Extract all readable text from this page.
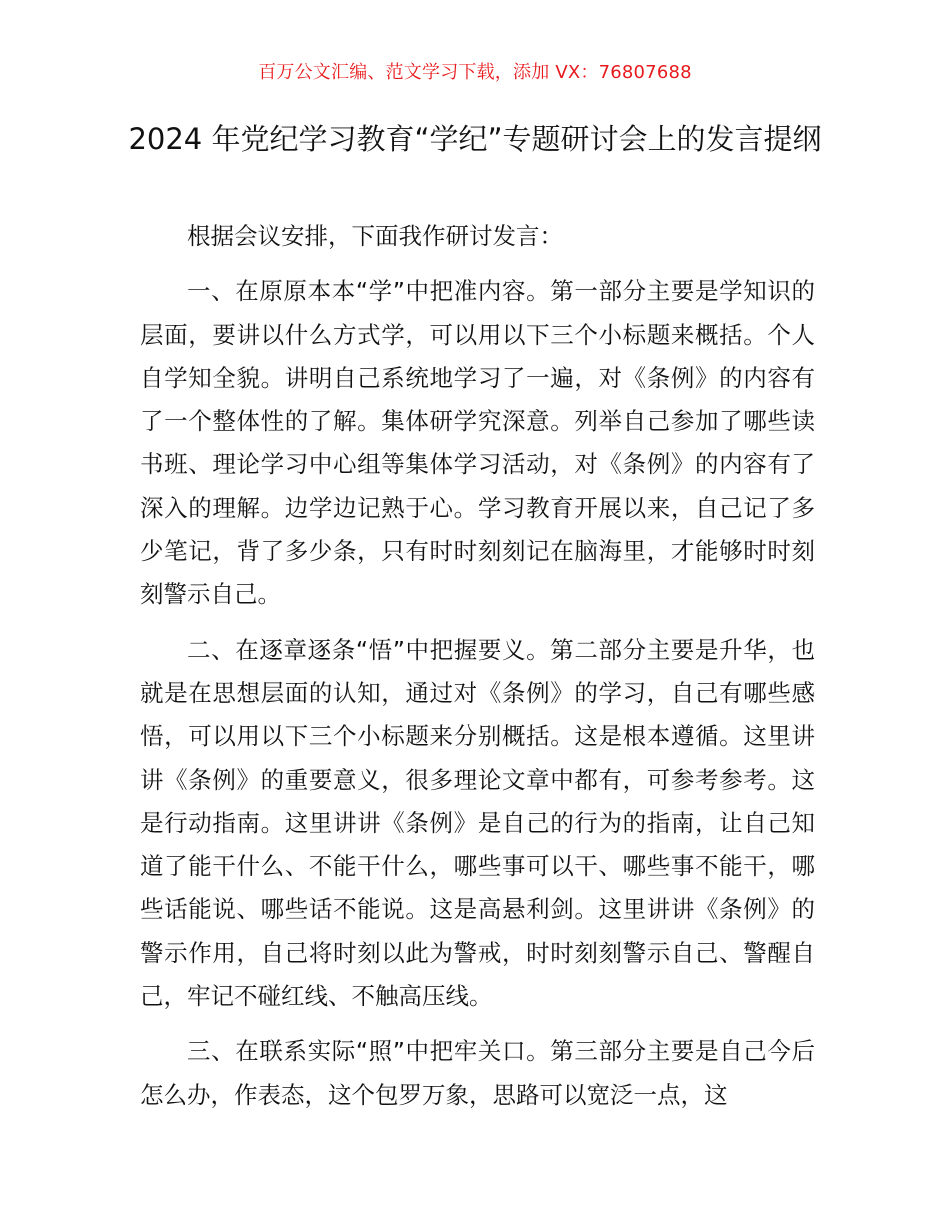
百万公文汇编、范文学习下载，添加 VX：76807688
2024 年党纪学习教育“学纪”专题研讨会上的发言提纲

根据会议安排，下面我作研讨发言：

一、在原原本本“学”中把准内容。第一部分主要是学知识的层面，要讲以什么方式学，可以用以下三个小标题来概括。个人自学知全貌。讲明自己系统地学习了一遍，对《条例》的内容有了一个整体性的了解。集体研学究深意。列举自己参加了哪些读书班、理论学习中心组等集体学习活动，对《条例》的内容有了深入的理解。边学边记熟于心。学习教育开展以来，自己记了多少笔记，背了多少条，只有时时刻刻记在脑海里，才能够时时刻刻警示自己。

二、在逐章逐条“悟”中把握要义。第二部分主要是升华，也就是在思想层面的认知，通过对《条例》的学习，自己有哪些感悟，可以用以下三个小标题来分别概括。这是根本遵循。这里讲讲《条例》的重要意义，很多理论文章中都有，可参考参考。这是行动指南。这里讲讲《条例》是自己的行为的指南，让自己知道了能干什么、不能干什么，哪些事可以干、哪些事不能干，哪些话能说、哪些话不能说。这是高悬利剑。这里讲讲《条例》的警示作用，自己将时刻以此为警戒，时时刻刻警示自己、警醒自己，牢记不碰红线、不触高压线。

三、在联系实际“照”中把牢关口。第三部分主要是自己今后怎么办，作表态，这个包罗万象，思路可以宽泛一点，这
